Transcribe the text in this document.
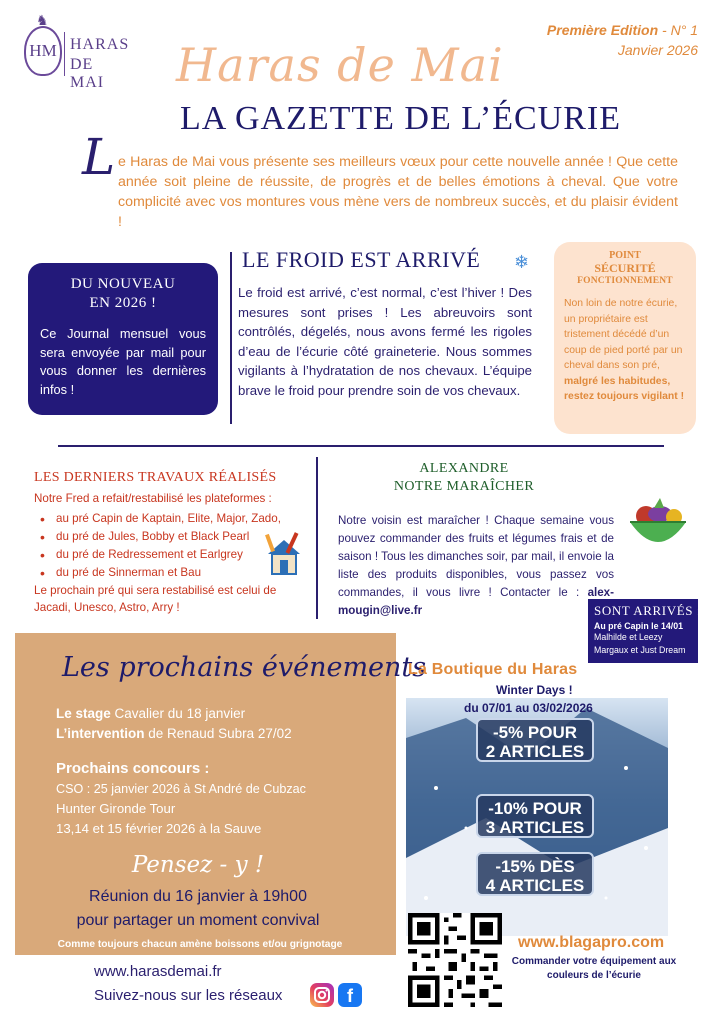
♞
HM HARAS
DE MAI
Première Edition - N° 1
Janvier 2026
Haras de Mai
LA GAZETTE DE L’ÉCURIE
L e Haras de Mai vous présente ses meilleurs vœux pour cette nouvelle année ! Que cette année soit pleine de réussite, de progrès et de belles émotions à cheval. Que votre complicité avec vos montures vous mène vers de nombreux succès, et du plaisir évident !
DU NOUVEAU
EN 2026 !
Ce Journal mensuel vous sera envoyée par mail pour vous donner les dernières infos !
LE FROID EST ARRIVÉ ❄
Le froid est arrivé, c’est normal, c’est l’hiver ! Des mesures sont prises ! Les abreuvoirs sont contrôlés, dégelés, nous avons fermé les rigoles d’eau de l’écurie côté graineterie. Nous sommes vigilants à l’hydratation de nos chevaux. L’équipe brave le froid pour prendre soin de vos chevaux.
POINT
SÉCURITÉ
FONCTIONNEMENT
Non loin de notre écurie, un propriétaire est tristement décédé d’un coup de pied porté par un cheval dans son pré, malgré les habitudes, restez toujours vigilant !
LES DERNIERS TRAVAUX RÉALISÉS
Notre Fred a refait/restabilisé les plateformes :
• au pré Capin de Kaptain, Elite, Major, Zado,
• du pré de Jules, Bobby et Black Pearl
• du pré de Redressement et Earlgrey
• du pré de Sinnerman et Bau
Le prochain pré qui sera restabilisé est celui de Jacadi, Unesco, Astro, Arry !
ALEXANDRE
NOTRE MARAÎCHER
Notre voisin est maraîcher ! Chaque semaine vous pouvez commander des fruits et légumes frais et de saison ! Tous les dimanches soir, par mail, il envoie la liste des produits disponibles, vous passez vos commandes, il vous livre ! Contacter le : alex-mougin@live.fr	SONT ARRIVÉS :
Au pré Capin le 14/01
Malhilde et Leezy
Margaux et Just Dream
Les prochains événements
Le stage Cavalier du 18 janvier
L’intervention de Renaud Subra 27/02
Prochains concours :
CSO : 25 janvier 2026 à St André de Cubzac
Hunter Gironde Tour
13,14 et 15 février 2026 à la Sauve
Pensez - y !
Réunion du 16 janvier à 19h00
pour partager un moment convival
Comme toujours chacun amène boissons et/ou grignotage
-5% POUR
2 ARTICLES
-10% POUR
3 ARTICLES
-15% DÈS
4 ARTICLES
La Boutique du Haras
Winter Days !
du 07/01 au 03/02/2026
www.blagapro.com
Commander votre équipement aux couleurs de l’écurie
www.harasdemai.fr
Suivez-nous sur les réseaux	f
